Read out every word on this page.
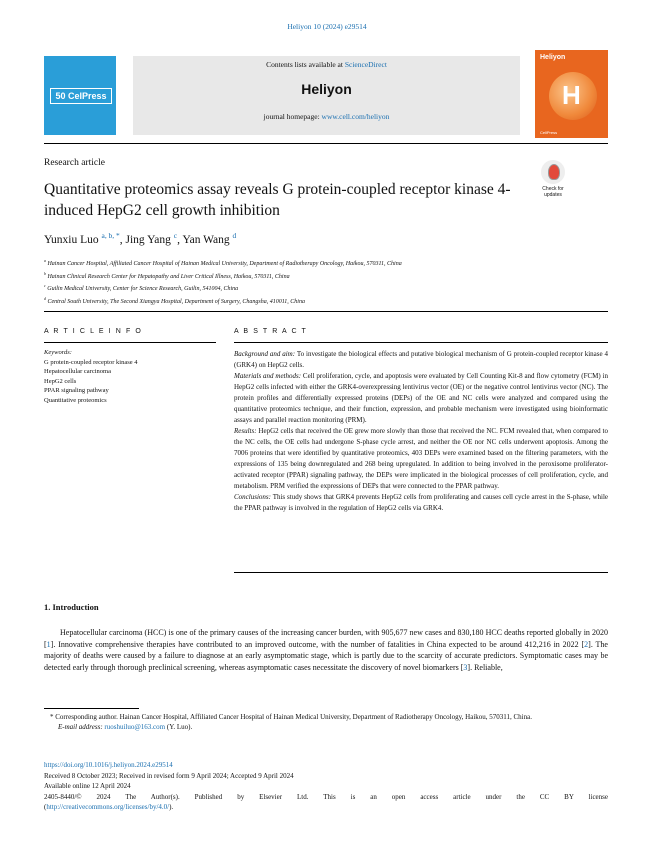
Heliyon 10 (2024) e29514
50 CelPress
Contents lists available at ScienceDirect
Heliyon
journal homepage: www.cell.com/heliyon
Heliyon
H
CellPress
Research article
Quantitative proteomics assay reveals G protein-coupled receptor kinase 4-induced HepG2 cell growth inhibition
Check for updates
Yunxiu Luo $^{a, b, *}$, Jing Yang $^c$, Yan Wang $^d$
$^a$ Hainan Cancer Hospital, Affiliated Cancer Hospital of Hainan Medical University, Department of Radiotherapy Oncology, Haikou, 570311, China
$^b$ Hainan Clinical Research Center for Hepatopathy and Liver Critical Illness, Haikou, 570311, China
$^c$ Guilin Medical University, Center for Science Research, Guilin, 541004, China
$^d$ Central South University, The Second Xiangya Hospital, Department of Surgery, Changsha, 410011, China
A R T I C L E I N F O	A B S T R A C T
Keywords:
G protein-coupled receptor kinase 4
Hepatocellular carcinoma
HepG2 cells
PPAR signaling pathway
Quantitative proteomics

Background and aim: To investigate the biological effects and putative biological mechanism of G protein-coupled receptor kinase 4 (GRK4) on HepG2 cells.

Materials and methods: Cell proliferation, cycle, and apoptosis were evaluated by Cell Counting Kit-8 and flow cytometry (FCM) in HepG2 cells infected with either the GRK4-overexpressing lentivirus vector (OE) or the negative control lentivirus vector (NC). The protein profiles and differentially expressed proteins (DEPs) of the OE and NC cells were analyzed and compared using the quantitative proteomics technique, and their function, expression, and probable mechanism were investigated using bioinformatic assays and parallel reaction monitoring (PRM).

Results: HepG2 cells that received the OE grew more slowly than those that received the NC. FCM revealed that, when compared to the NC cells, the OE cells had undergone S-phase cycle arrest, and neither the OE nor NC cells underwent apoptosis. Among the 7006 proteins that were identified by quantitative proteomics, 403 DEPs were examined based on the filtering parameters, with the expressions of 135 being downregulated and 268 being upregulated. In addition to being involved in the peroxisome proliferator-activated receptor (PPAR) signaling pathway, the DEPs were implicated in the biological processes of cell proliferation, cycle, and metabolism. PRM verified the expressions of DEPs that were connected to the PPAR pathway.

Conclusions: This study shows that GRK4 prevents HepG2 cells from proliferating and causes cell cycle arrest in the S-phase, while the PPAR pathway is involved in the regulation of HepG2 cells via GRK4.

1. Introduction
Hepatocellular carcinoma (HCC) is one of the primary causes of the increasing cancer burden, with 905,677 new cases and 830,180 HCC deaths reported globally in 2020 [1]. Innovative comprehensive therapies have contributed to an improved outcome, with the number of fatalities in China expected to be around 412,216 in 2022 [2]. The majority of deaths were caused by a failure to diagnose at an early asymptomatic stage, which is partly due to the scarcity of accurate predictors. Symptomatic cases may be detected early through thorough preclinical screening, whereas asymptomatic cases necessitate the discovery of novel biomarkers [3]. Reliable,
* Corresponding author. Hainan Cancer Hospital, Affiliated Cancer Hospital of Hainan Medical University, Department of Radiotherapy Oncology, Haikou, 570311, China.
E-mail address: ruoshuiluo@163.com (Y. Luo).
https://doi.org/10.1016/j.heliyon.2024.e29514
Received 8 October 2023; Received in revised form 9 April 2024; Accepted 9 April 2024
Available online 12 April 2024
2405-8440/© 2024 The Author(s). Published by Elsevier Ltd. This is an open access article under the CC BY license
(http://creativecommons.org/licenses/by/4.0/).
